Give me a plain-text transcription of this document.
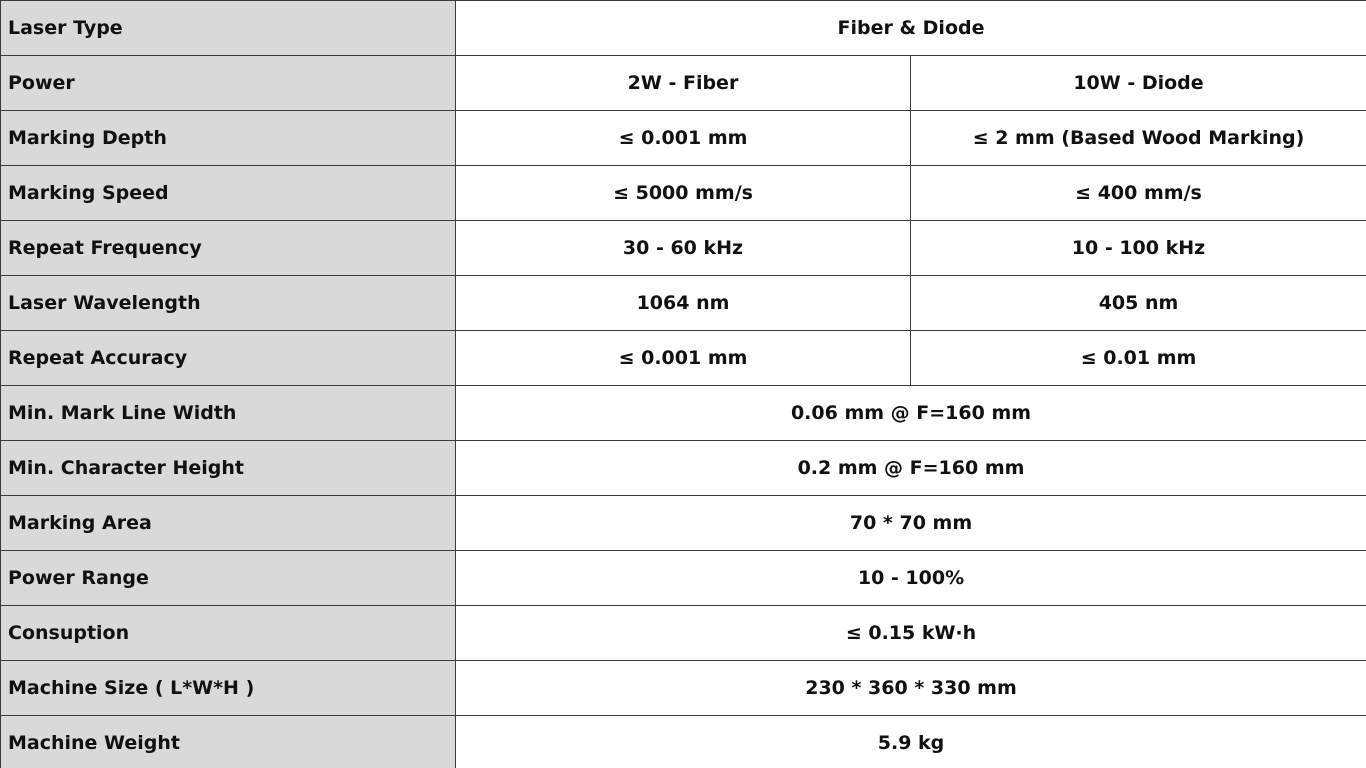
Laser Type	Fiber & Diode	
Power	2W - Fiber	10W - Diode
Marking Depth	≤ 0.001 mm	≤ 2 mm (Based Wood Marking)
Marking Speed	≤ 5000 mm/s	≤ 400 mm/s
Repeat Frequency	30 - 60 kHz	10 - 100 kHz
Laser Wavelength	1064 nm	405 nm
Repeat Accuracy	≤ 0.001 mm	≤ 0.01 mm
Min. Mark Line Width	0.06 mm @ F=160 mm	
Min. Character Height	0.2 mm @ F=160 mm	
Marking Area	70 * 70 mm	
Power Range	10 - 100%	
Consuption	≤ 0.15 kW·h	
Machine Size ( L*W*H )	230 * 360 * 330 mm	
Machine Weight	5.9 kg	
